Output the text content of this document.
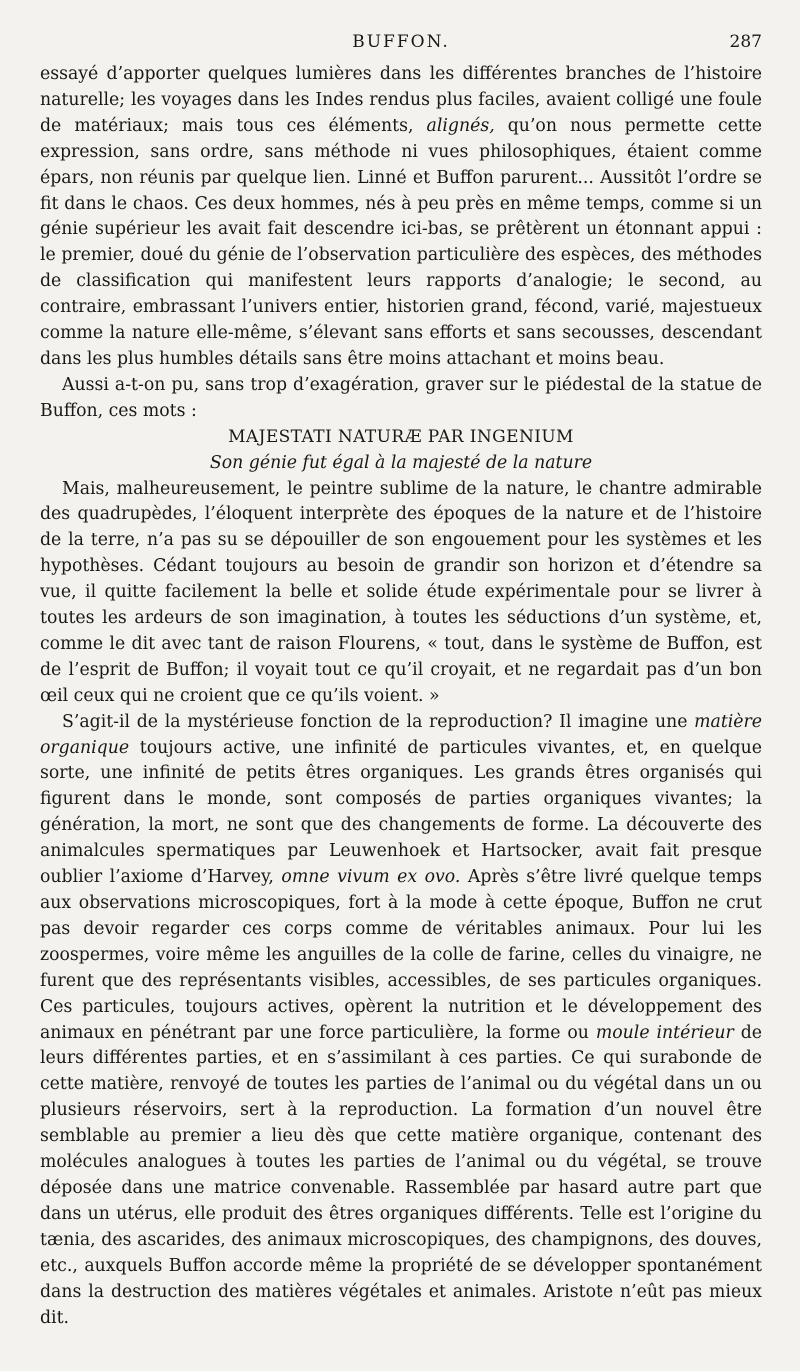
BUFFON.	287

essayé d’apporter quelques lumières dans les différentes branches de l’histoire naturelle; les voyages dans les Indes rendus plus faciles, avaient colligé une foule de matériaux; mais tous ces éléments, alignés, qu’on nous permette cette expression, sans ordre, sans méthode ni vues philosophiques, étaient comme épars, non réunis par quelque lien. Linné et Buffon parurent... Aussitôt l’ordre se fit dans le chaos. Ces deux hommes, nés à peu près en même temps, comme si un génie supérieur les avait fait descendre ici-bas, se prêtèrent un étonnant appui : le premier, doué du génie de l’observation particulière des espèces, des méthodes de classification qui manifestent leurs rapports d’analogie; le second, au contraire, embrassant l’univers entier, historien grand, fécond, varié, majestueux comme la nature elle-même, s’élevant sans efforts et sans secousses, descendant dans les plus humbles détails sans être moins attachant et moins beau.

Aussi a-t-on pu, sans trop d’exagération, graver sur le piédestal de la statue de Buffon, ces mots :

MAJESTATI NATURÆ PAR INGENIUM

Son génie fut égal à la majesté de la nature

Mais, malheureusement, le peintre sublime de la nature, le chantre admirable des quadrupèdes, l’éloquent interprète des époques de la nature et de l’histoire de la terre, n’a pas su se dépouiller de son engouement pour les systèmes et les hypothèses. Cédant toujours au besoin de grandir son horizon et d’étendre sa vue, il quitte facilement la belle et solide étude expérimentale pour se livrer à toutes les ardeurs de son imagination, à toutes les séductions d’un système, et, comme le dit avec tant de raison Flourens, « tout, dans le système de Buffon, est de l’esprit de Buffon; il voyait tout ce qu’il croyait, et ne regardait pas d’un bon œil ceux qui ne croient que ce qu’ils voient. »

S’agit-il de la mystérieuse fonction de la reproduction? Il imagine une matière organique toujours active, une infinité de particules vivantes, et, en quelque sorte, une infinité de petits êtres organiques. Les grands êtres organisés qui figurent dans le monde, sont composés de parties organiques vivantes; la génération, la mort, ne sont que des changements de forme. La découverte des animalcules spermatiques par Leuwenhoek et Hartsocker, avait fait presque oublier l’axiome d’Harvey, omne vivum ex ovo. Après s’être livré quelque temps aux observations microscopiques, fort à la mode à cette époque, Buffon ne crut pas devoir regarder ces corps comme de véritables animaux. Pour lui les zoospermes, voire même les anguilles de la colle de farine, celles du vinaigre, ne furent que des représentants visibles, accessibles, de ses particules organiques. Ces particules, toujours actives, opèrent la nutrition et le développement des animaux en pénétrant par une force particulière, la forme ou moule intérieur de leurs différentes parties, et en s’assimilant à ces parties. Ce qui surabonde de cette matière, renvoyé de toutes les parties de l’animal ou du végétal dans un ou plusieurs réservoirs, sert à la reproduction. La formation d’un nouvel être semblable au premier a lieu dès que cette matière organique, contenant des molécules analogues à toutes les parties de l’animal ou du végétal, se trouve déposée dans une matrice convenable. Rassemblée par hasard autre part que dans un utérus, elle produit des êtres organiques différents. Telle est l’origine du tænia, des ascarides, des animaux microscopiques, des champignons, des douves, etc., auxquels Buffon accorde même la propriété de se développer spontanément dans la destruction des matières végétales et animales. Aristote n’eût pas mieux dit.
